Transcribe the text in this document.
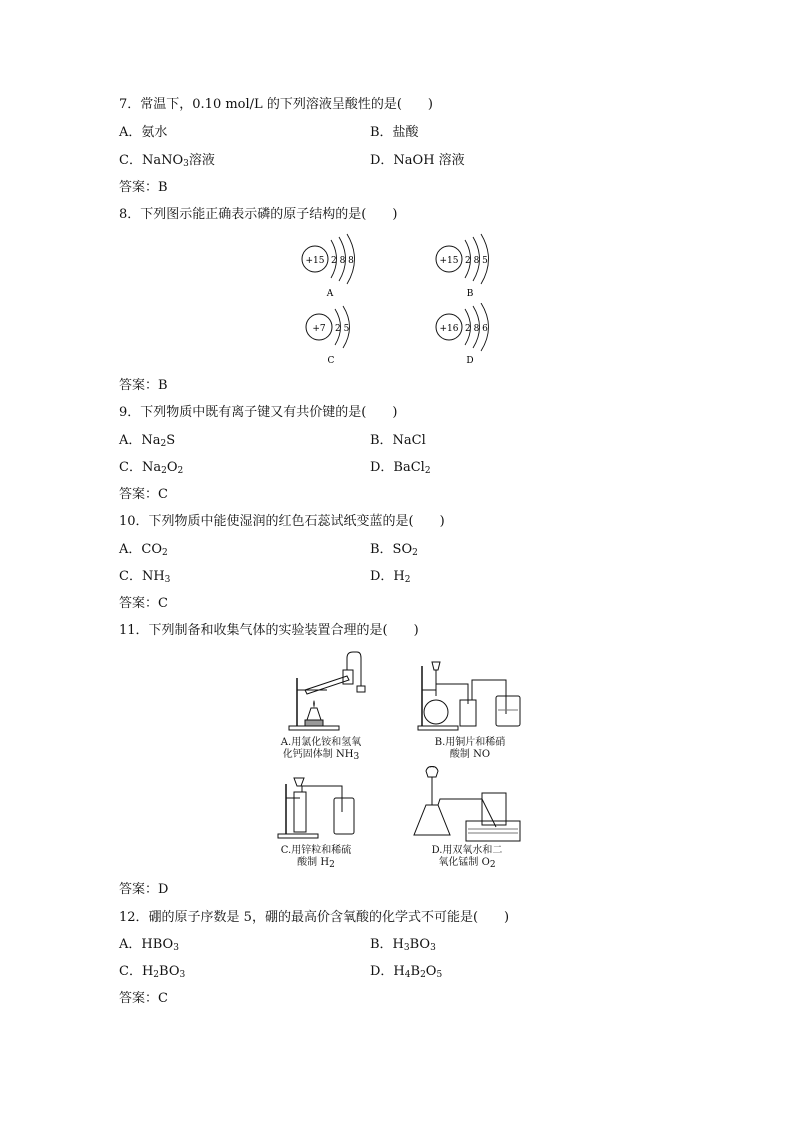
7．常温下，0.10 mol/L 的下列溶液呈酸性的是(　　)
A．氨水	B．盐酸
C．NaNO$_3$溶液	D．NaOH 溶液
答案：B
8．下列图示能正确表示磷的原子结构的是(　　)
+15 2 8 8
A
+15 2 8 5
B
+7 2 5
C
+16 2 8 6
D
答案：B
9．下列物质中既有离子键又有共价键的是(　　)
A．$Na_2S$	B．NaCl
C．$Na_2O_2$	D．BaCl$_2$
答案：C
10．下列物质中能使湿润的红色石蕊试纸变蓝的是(　　)
A．$CO_2$	B．$SO_2$
C．$NH_3$	D．$H_2$
答案：C
11．下列制备和收集气体的实验装置合理的是(　　)
A.用氯化铵和氢氧
化钙固体制 $NH_3$
B.用铜片和稀硝
酸制 NO
C.用锌粒和稀硫
酸制 $H_2$
D.用双氧水和二
氧化锰制 $O_2$
答案：D
12．硼的原子序数是 5，硼的最高价含氧酸的化学式不可能是(　　)
A．$HBO_3$	B．$H_3BO_3$
C．$H_2BO_3$	D．$H_4B_2O_5$
答案：C
